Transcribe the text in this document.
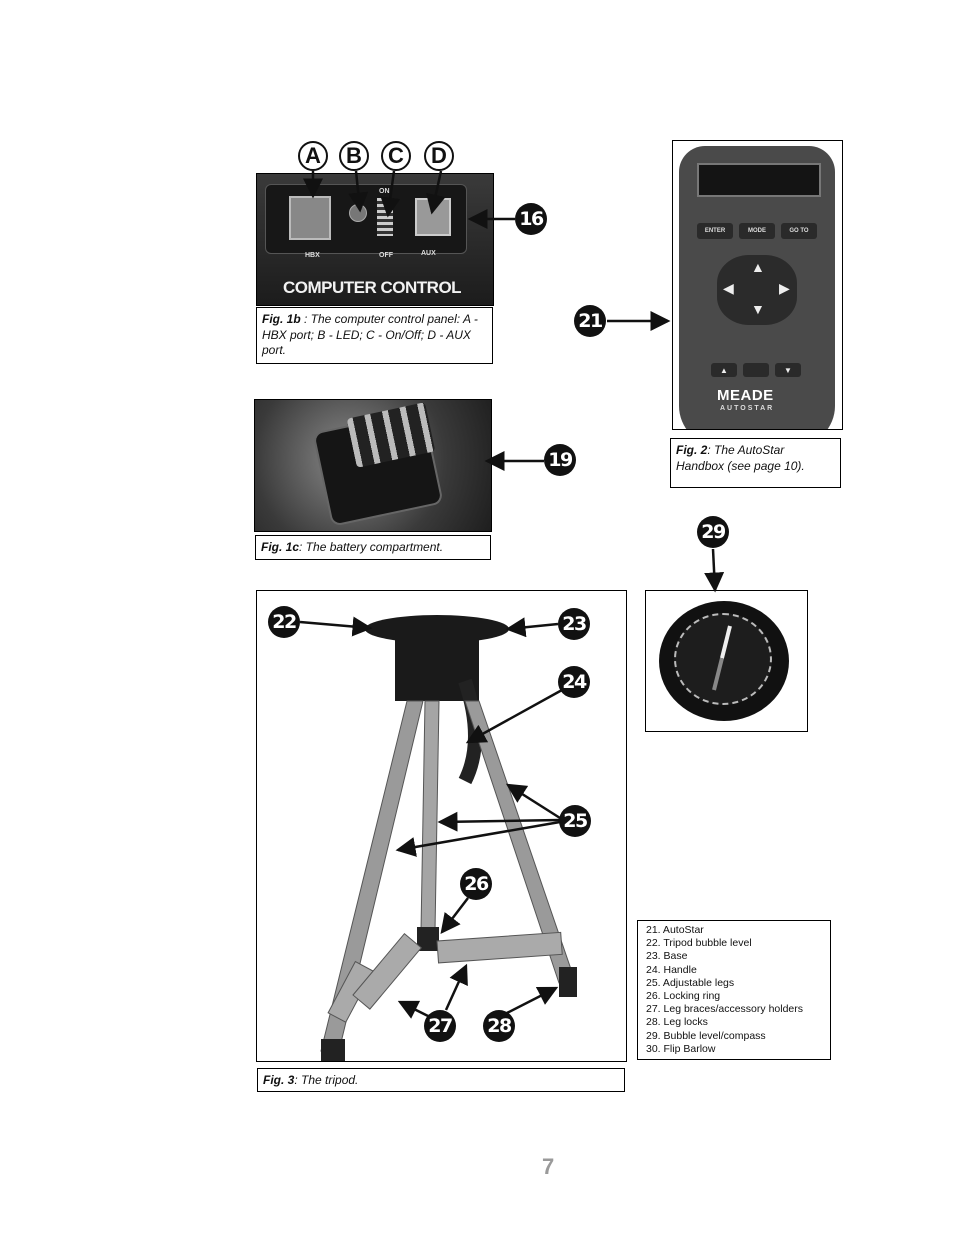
A	B	C	D
HBX
ON
OFF	AUX
COMPUTER CONTROL
16
Fig. 1b : The computer control panel: A - HBX port; B - LED; C - On/Off; D - AUX port.
19
Fig. 1c: The battery compartment.
ENTER	MODE	GO TO
▲
▼
◀	▶
▲	▼
MEADE
AUTOSTAR
21
Fig. 2: The AutoStar Handbox (see page 10).
29
22	23
24
25
26
27 28
Fig. 3: The tripod.
21. AutoStar
22. Tripod bubble level
23. Base
24. Handle
25. Adjustable legs
26. Locking ring
27. Leg braces/accessory holders
28. Leg locks
29. Bubble level/compass
30. Flip Barlow
7
